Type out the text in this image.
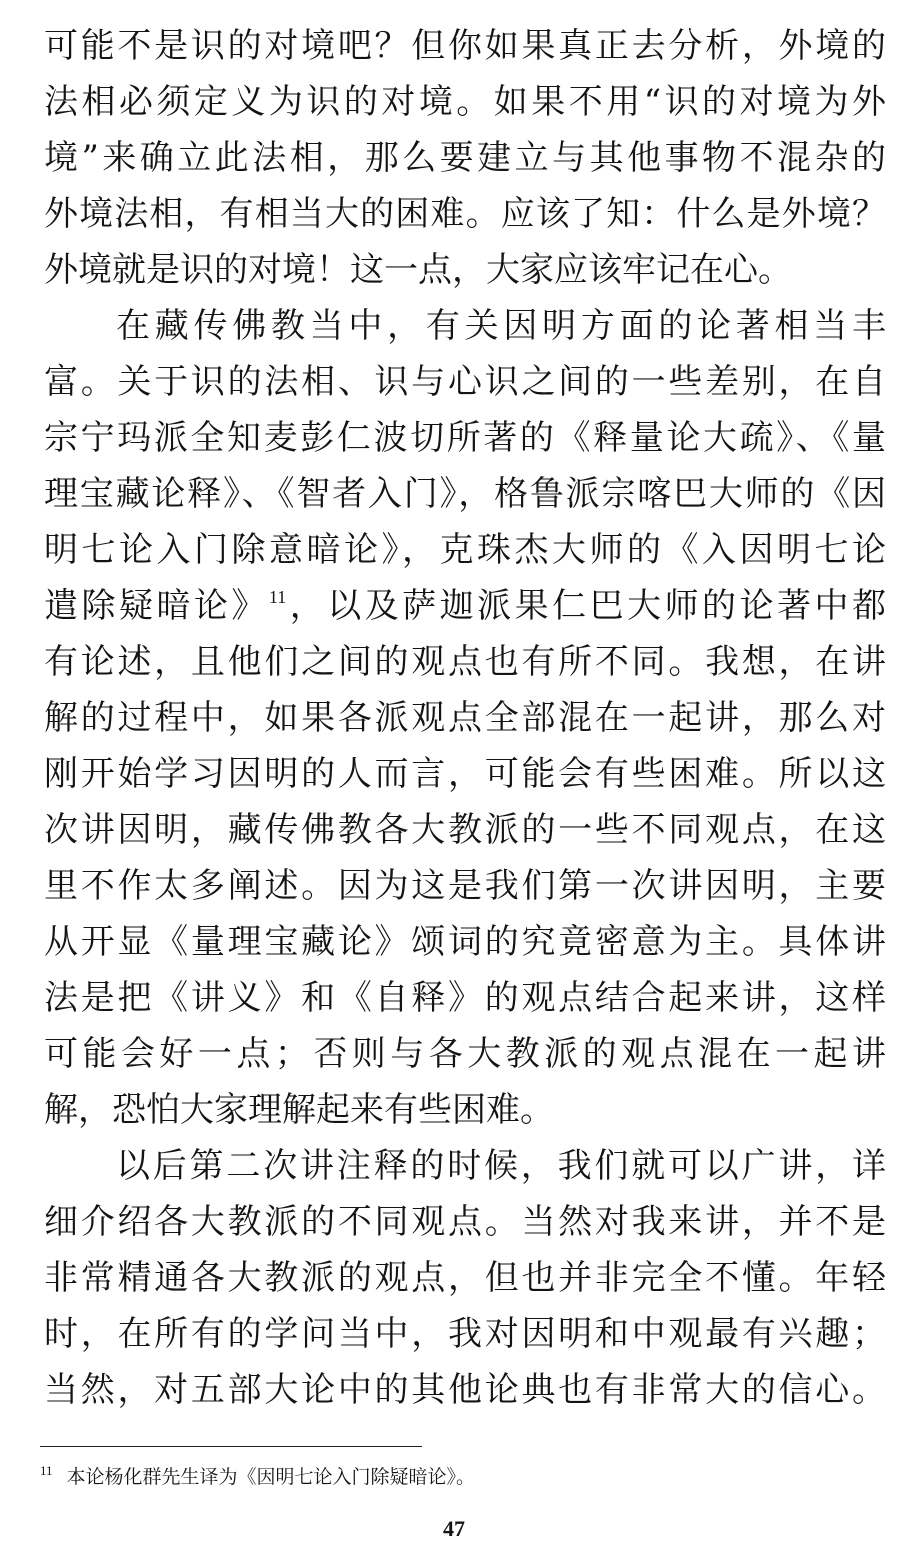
可能不是识的对境吧？但你如果真正去分析，外境的
法相必须定义为识的对境。如果不用“识的对境为外
境”来确立此法相，那么要建立与其他事物不混杂的
外境法相，有相当大的困难。应该了知：什么是外境？
外境就是识的对境！这一点，大家应该牢记在心。
在藏传佛教当中，有关因明方面的论著相当丰
富。关于识的法相、识与心识之间的一些差别，在自
宗宁玛派全知麦彭仁波切所著的《释量论大疏》、《量
理宝藏论释》、《智者入门》，格鲁派宗喀巴大师的《因
明七论入门除意暗论》，克珠杰大师的《入因明七论
遣除疑暗论》$^{11}$，以及萨迦派果仁巴大师的论著中都
有论述，且他们之间的观点也有所不同。我想，在讲
解的过程中，如果各派观点全部混在一起讲，那么对
刚开始学习因明的人而言，可能会有些困难。所以这
次讲因明，藏传佛教各大教派的一些不同观点，在这
里不作太多阐述。因为这是我们第一次讲因明，主要
从开显《量理宝藏论》颂词的究竟密意为主。具体讲
法是把《讲义》和《自释》的观点结合起来讲，这样
可能会好一点；否则与各大教派的观点混在一起讲
解，恐怕大家理解起来有些困难。
以后第二次讲注释的时候，我们就可以广讲，详
细介绍各大教派的不同观点。当然对我来讲，并不是
非常精通各大教派的观点，但也并非完全不懂。年轻
时，在所有的学问当中，我对因明和中观最有兴趣；
当然，对五部大论中的其他论典也有非常大的信心。
$^{11}$ 本论杨化群先生译为《因明七论入门除疑暗论》。
47
